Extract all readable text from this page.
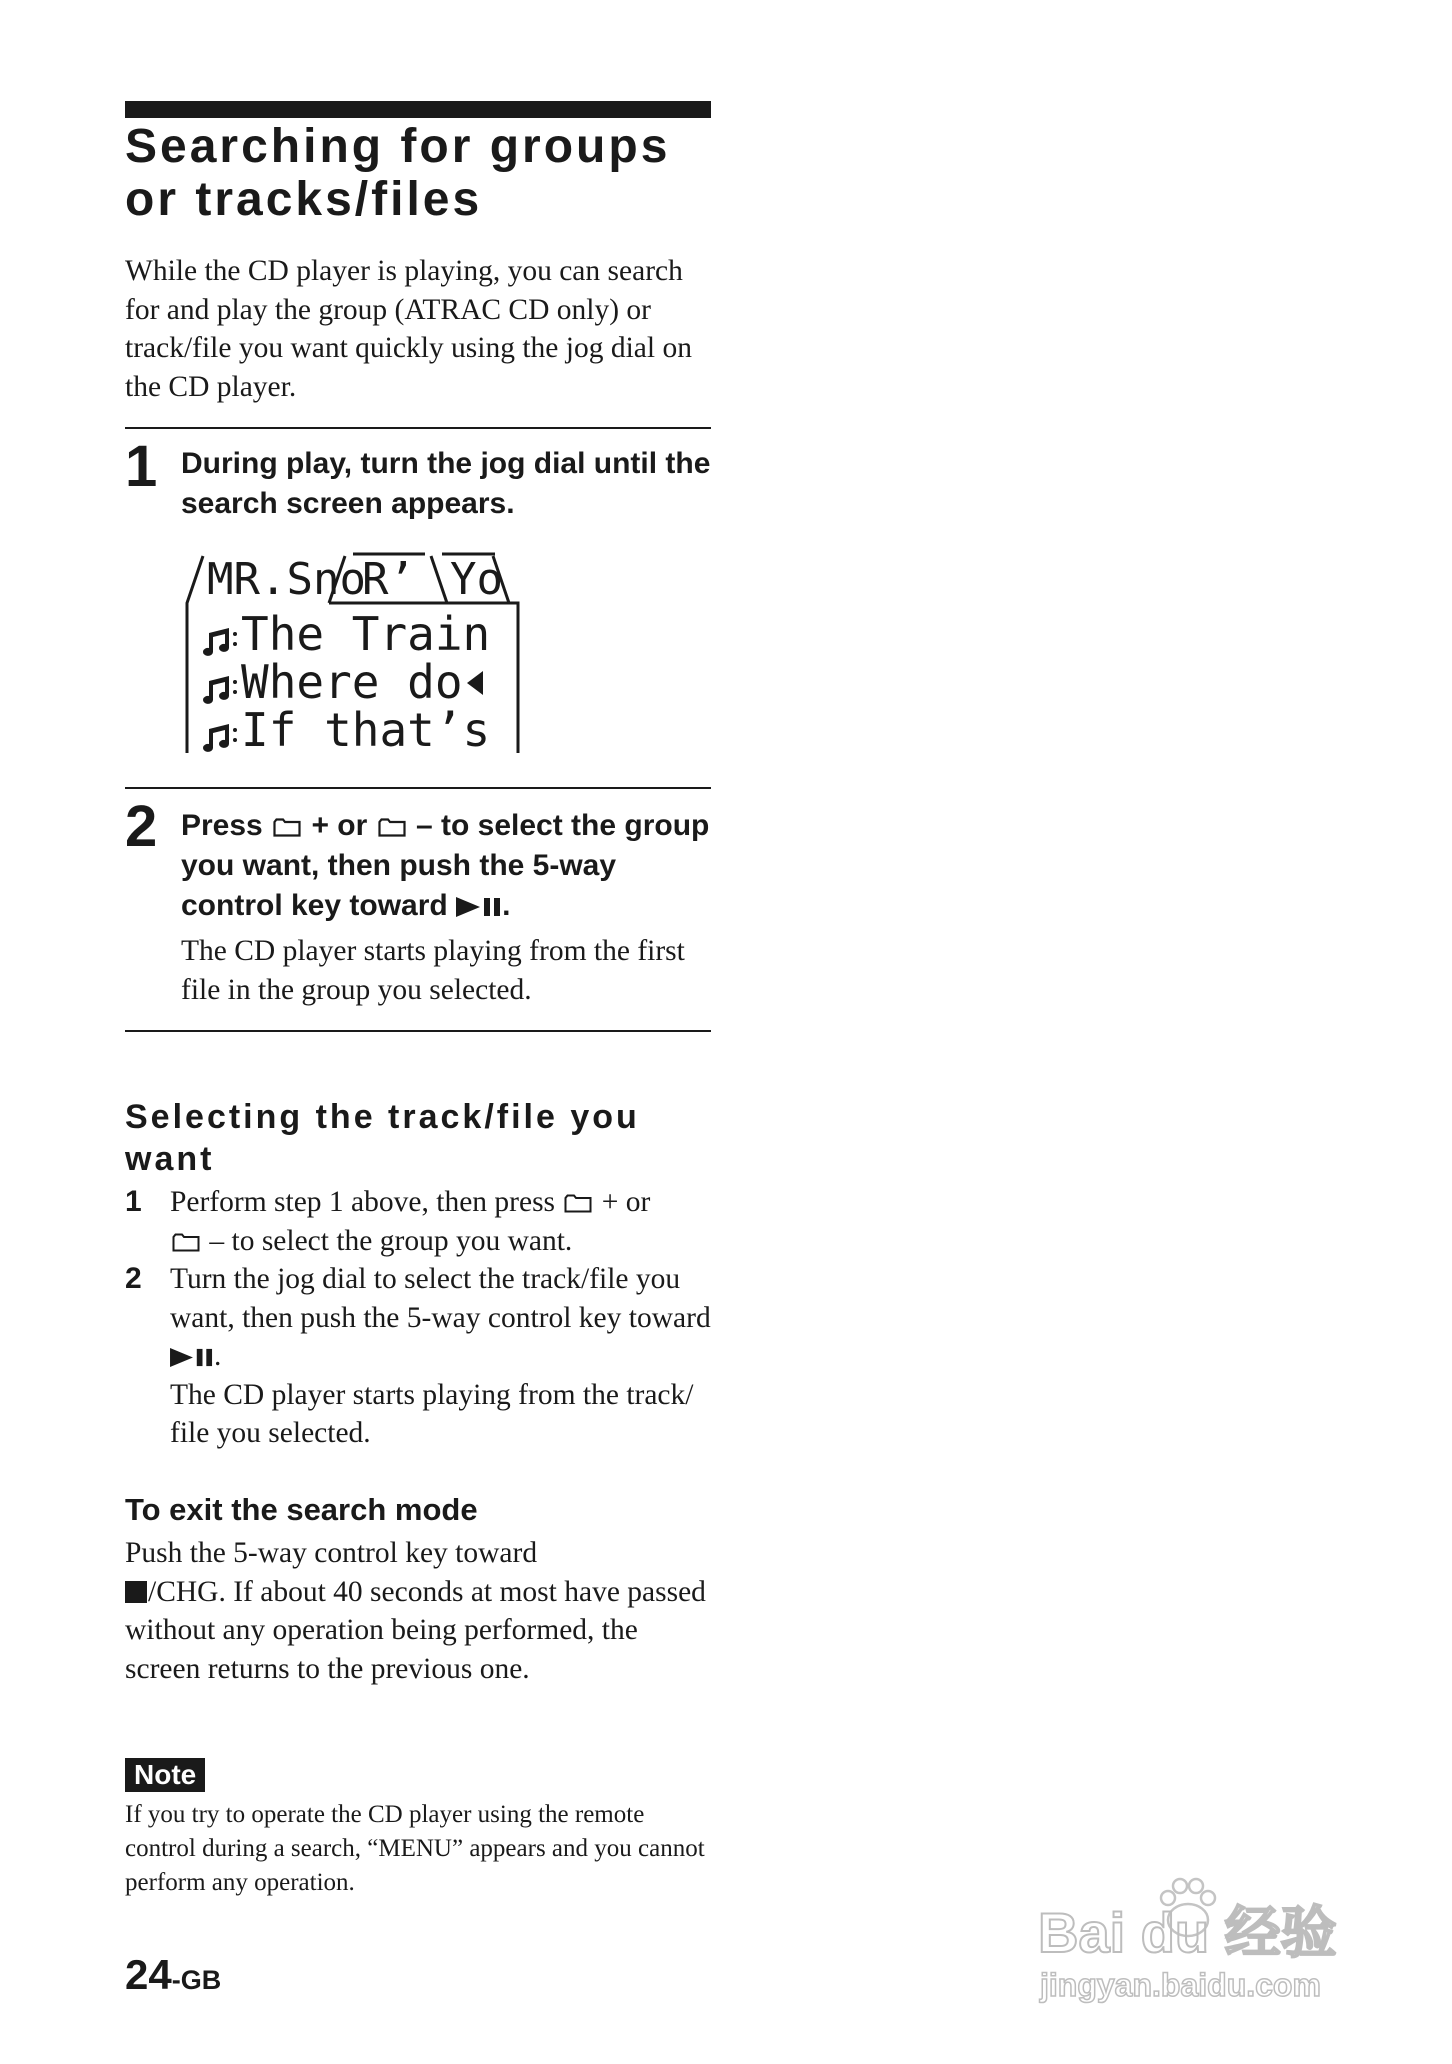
Searching for groups
or tracks/files

While the CD player is playing, you can search for and play the group (ATRAC CD only) or track/file you want quickly using the jog dial on the CD player.

1 During play, turn the jog dial until the search screen appears.

MR.Sno
R’ Yo
The Train
Where do
If that’s
2 Press + or – to select the group you want, then push the 5-way control key toward .

The CD player starts playing from the first file in the group you selected.

Selecting the track/file you want
1 Perform step 1 above, then press + or

– to select the group you want.

2 Turn the jog dial to select the track/file you want, then push the 5-way control key toward .
The CD player starts playing from the track/ file you selected.

To exit the search mode

Push the 5-way control key toward
/CHG. If about 40 seconds at most have passed without any operation being performed, the screen returns to the previous one.

Note

If you try to operate the CD player using the remote control during a search, “MENU” appears and you cannot perform any operation.

24-GB
Bai du 经验
jingyan.baidu.com
